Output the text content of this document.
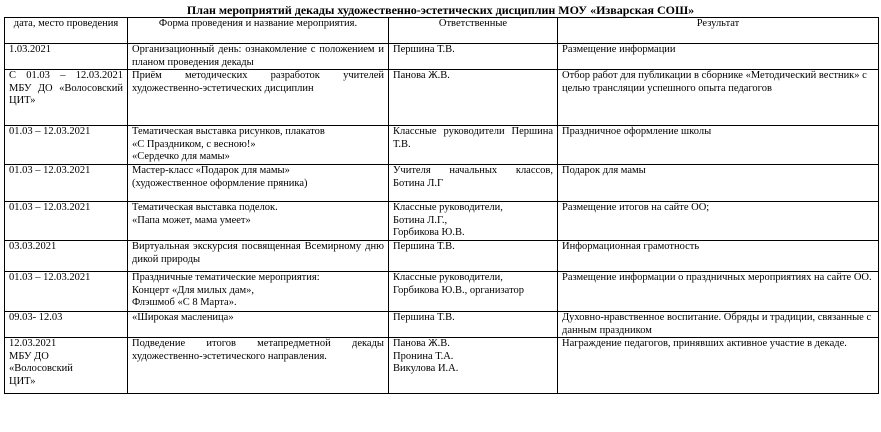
План мероприятий декады художественно-эстетических дисциплин МОУ «Изварская СОШ»
дата, место проведения	Форма проведения и название мероприятия.	Ответственные	Результат

1.03.2021	Организационный день: ознакомление с положением и планом проведения декады	Першина Т.В.	Размещение информации

С 01.03 – 12.03.2021 МБУ ДО «Волосовский ЦИТ»	Приём методических разработок учителей художественно-эстетических дисциплин	Панова Ж.В.	Отбор работ для публикации в сборнике «Методический вестник» с целью трансляции успешного опыта педагогов

01.03 – 12.03.2021	Тематическая выставка рисунков, плакатов
«С Праздником, с весною!»
«Сердечко для мамы»	Классные руководители Першина Т.В.	Праздничное оформление школы

01.03 – 12.03.2021	Мастер-класс «Подарок для мамы»
(художественное оформление пряника)	Учителя начальных классов, Ботина Л.Г	Подарок для мамы

01.03 – 12.03.2021	Тематическая выставка поделок.
«Папа может, мама умеет»	Классные руководители,
Ботина Л.Г.,
Горбикова Ю.В.	Размещение итогов на сайте ОО;

03.03.2021	Виртуальная экскурсия посвященная Всемирному дню дикой природы	Першина Т.В.	Информационная грамотность

01.03 – 12.03.2021	Праздничные тематические мероприятия:
Концерт «Для милых дам»,
Флэшмоб «С 8 Марта».	Классные руководители,
Горбикова Ю.В., организатор	Размещение информации о праздничных мероприятиях на сайте ОО.

09.03- 12.03	«Широкая масленица»	Першина Т.В.	Духовно-нравственное воспитание. Обряды и традиции, связанные с данным праздником

12.03.2021
МБУ ДО
«Волосовский
ЦИТ»	Подведение итогов метапредметной декады художественно-эстетического направления.	Панова Ж.В.
Пронина Т.А.
Викулова И.А.	Награждение педагогов, принявших активное участие в декаде.
